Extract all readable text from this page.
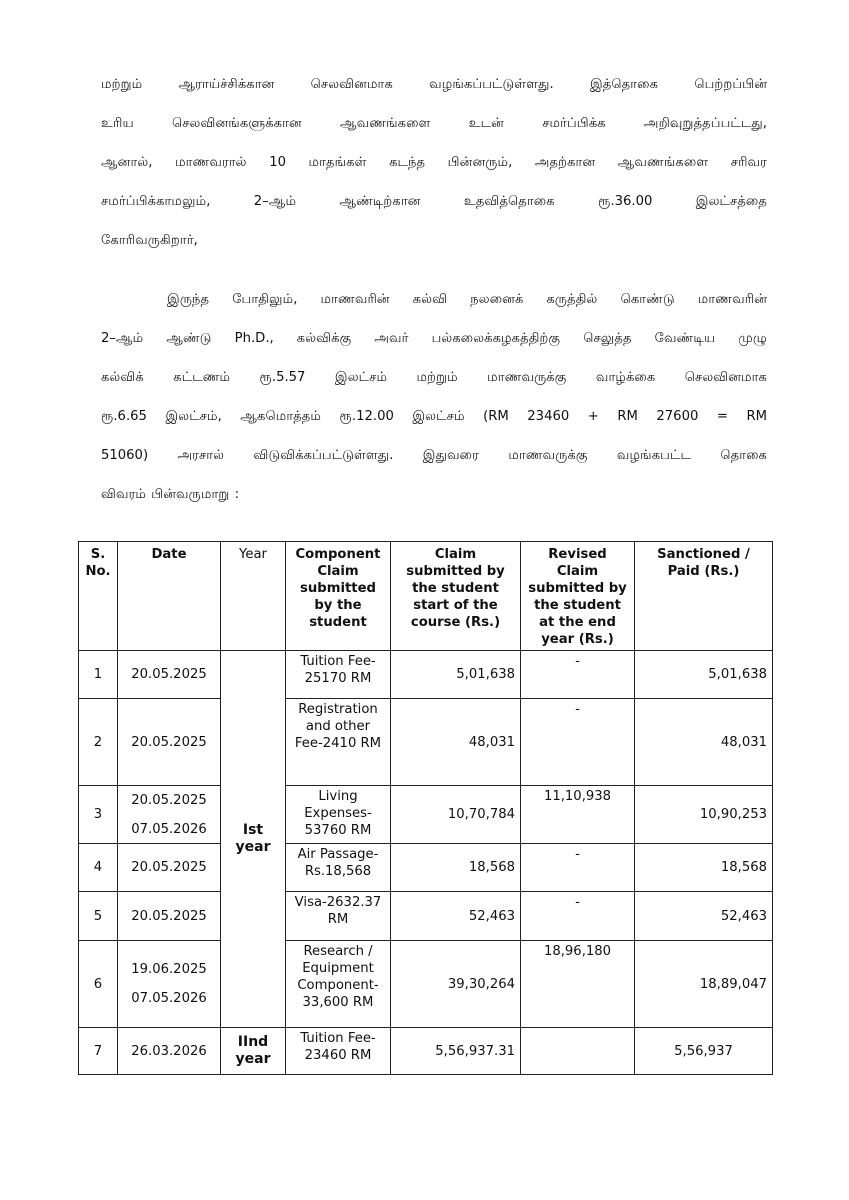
மற்றும் ஆராய்ச்சிக்கான செலவினமாக வழங்கப்பட்டுள்ளது. இத்தொகை பெற்றப்பின்
உரிய செலவினங்களுக்கான ஆவணங்களை உடன் சமர்ப்பிக்க அறிவுறுத்தப்பட்டது,
ஆனால், மாணவரால் 10 மாதங்கள் கடந்த பின்னரும், அதற்கான ஆவணங்களை சரிவர
சமர்ப்பிக்காமலும், 2–ஆம் ஆண்டிற்கான உதவித்தொகை ரூ.36.00 இலட்சத்தை
கோரிவருகிறார்,
இருந்த போதிலும், மாணவரின் கல்வி நலனைக் கருத்தில் கொண்டு மாணவரின்
2–ஆம் ஆண்டு Ph.D., கல்விக்கு அவர் பல்கலைக்கழகத்திற்கு செலுத்த வேண்டிய முழு
கல்விக் கட்டணம் ரூ.5.57 இலட்சம் மற்றும் மாணவருக்கு வாழ்க்கை செலவினமாக
ரூ.6.65 இலட்சம், ஆகமொத்தம் ரூ.12.00 இலட்சம் (RM 23460 + RM 27600 = RM
51060) அரசால் விடுவிக்கப்பட்டுள்ளது. இதுவரை மாணவருக்கு வழங்கபட்ட தொகை
விவரம் பின்வருமாறு :
S. No.	Date	Year	Component Claim submitted by the student	Claim submitted by the student start of the course (Rs.)	Revised Claim submitted by the student at the end year (Rs.)	Sanctioned / Paid (Rs.)
1	20.05.2025	Ist year	Tuition Fee-25170 RM	5,01,638	-	5,01,638
2	20.05.2025		Registration and other Fee-2410 RM	48,031	-	48,031
3	20.05.2025
07.05.2026		Living Expenses-53760 RM	10,70,784	11,10,938	10,90,253
4	20.05.2025		Air Passage-Rs.18,568	18,568	-	18,568
5	20.05.2025		Visa-2632.37 RM	52,463	-	52,463
6	19.06.2025
07.05.2026		Research / Equipment Component-33,600 RM	39,30,264	18,96,180	18,89,047
7	26.03.2026	IInd year	Tuition Fee-23460 RM	5,56,937.31		5,56,937
